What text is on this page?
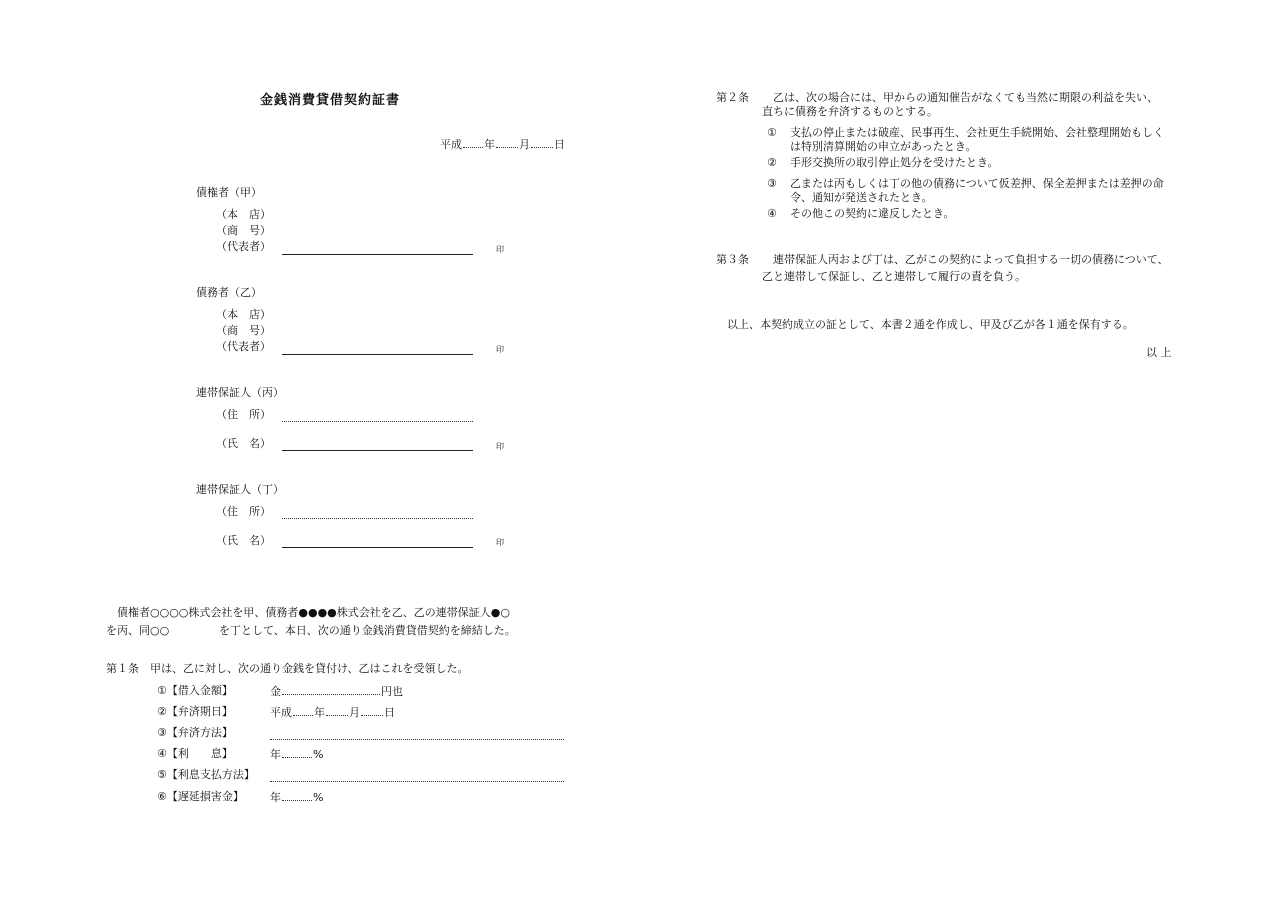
金銭消費貸借契約証書
平成 年 月 日
債権者（甲）
（本　店）
（商　号）
（代表者）	印
債務者（乙）
（本　店）
（商　号）
（代表者）	印
連帯保証人（丙）
（住　所）
（氏　名）	印
連帯保証人（丁）
（住　所）
（氏　名）	印
債権者○○○○株式会社を甲、債務者●●●●株式会社を乙、乙の連帯保証人●○
を丙、同○○	を丁として、本日、次の通り金銭消費貸借契約を締結した。
第１条 甲は、乙に対し、次の通り金銭を貸付け、乙はこれを受領した。
①【借入金額】	金	円也
②【弁済期日】	平成 年 月 日
③【弁済方法】
④【利　　息】	年	%
⑤【利息支払方法】
⑥【遅延損害金】 年	%
第２条 乙は、次の場合には、甲からの通知催告がなくても当然に期限の利益を失い、
直ちに債務を弁済するものとする。
① 支払の停止または破産、民事再生、会社更生手続開始、会社整理開始もしく
は特別清算開始の申立があったとき。
② 手形交換所の取引停止処分を受けたとき。
③ 乙または丙もしくは丁の他の債務について仮差押、保全差押または差押の命
令、通知が発送されたとき。
④ その他この契約に違反したとき。
第３条 連帯保証人丙および丁は、乙がこの契約によって負担する一切の債務について、
乙と連帯して保証し、乙と連帯して履行の責を負う。
以上、本契約成立の証として、本書２通を作成し、甲及び乙が各１通を保有する。
以 上
